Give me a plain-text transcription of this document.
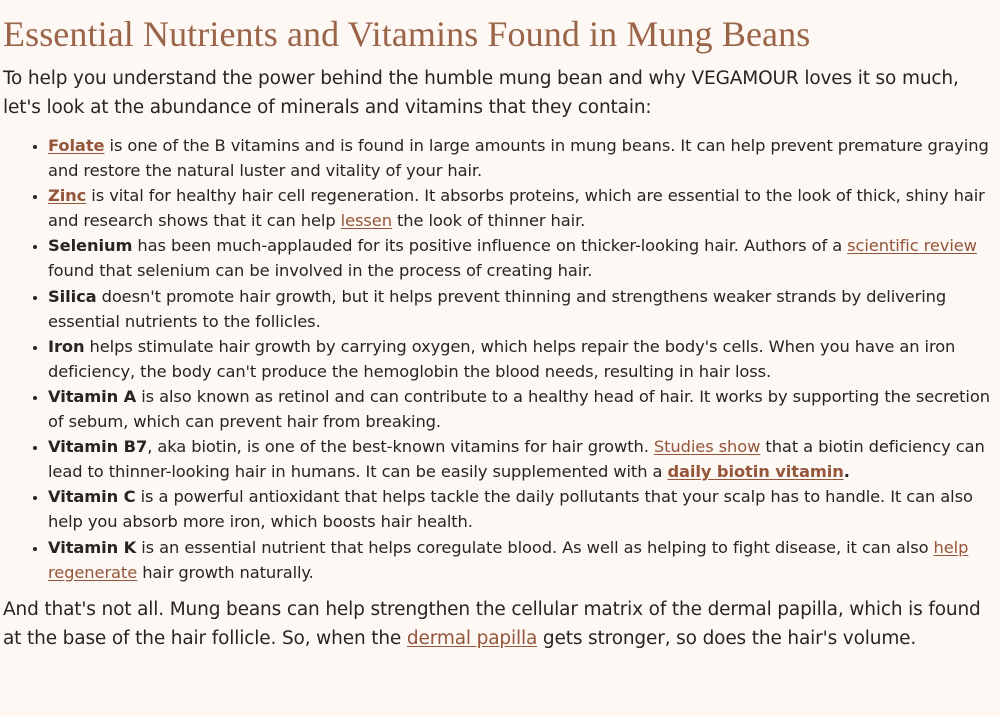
Essential Nutrients and Vitamins Found in Mung Beans

To help you understand the power behind the humble mung bean and why VEGAMOUR loves it so much, let's look at the abundance of minerals and vitamins that they contain:

• Folate is one of the B vitamins and is found in large amounts in mung beans. It can help prevent premature graying and restore the natural luster and vitality of your hair.
• Zinc is vital for healthy hair cell regeneration. It absorbs proteins, which are essential to the look of thick, shiny hair and research shows that it can help lessen the look of thinner hair.
• Selenium has been much-applauded for its positive influence on thicker-looking hair. Authors of a scientific review found that selenium can be involved in the process of creating hair.
• Silica doesn't promote hair growth, but it helps prevent thinning and strengthens weaker strands by delivering essential nutrients to the follicles.
• Iron helps stimulate hair growth by carrying oxygen, which helps repair the body's cells. When you have an iron deficiency, the body can't produce the hemoglobin the blood needs, resulting in hair loss.
• Vitamin A is also known as retinol and can contribute to a healthy head of hair. It works by supporting the secretion of sebum, which can prevent hair from breaking.
• Vitamin B7, aka biotin, is one of the best-known vitamins for hair growth. Studies show that a biotin deficiency can lead to thinner-looking hair in humans. It can be easily supplemented with a daily biotin vitamin.
• Vitamin C is a powerful antioxidant that helps tackle the daily pollutants that your scalp has to handle. It can also help you absorb more iron, which boosts hair health.
• Vitamin K is an essential nutrient that helps coregulate blood. As well as helping to fight disease, it can also help regenerate hair growth naturally.

And that's not all. Mung beans can help strengthen the cellular matrix of the dermal papilla, which is found at the base of the hair follicle. So, when the dermal papilla gets stronger, so does the hair's volume.
